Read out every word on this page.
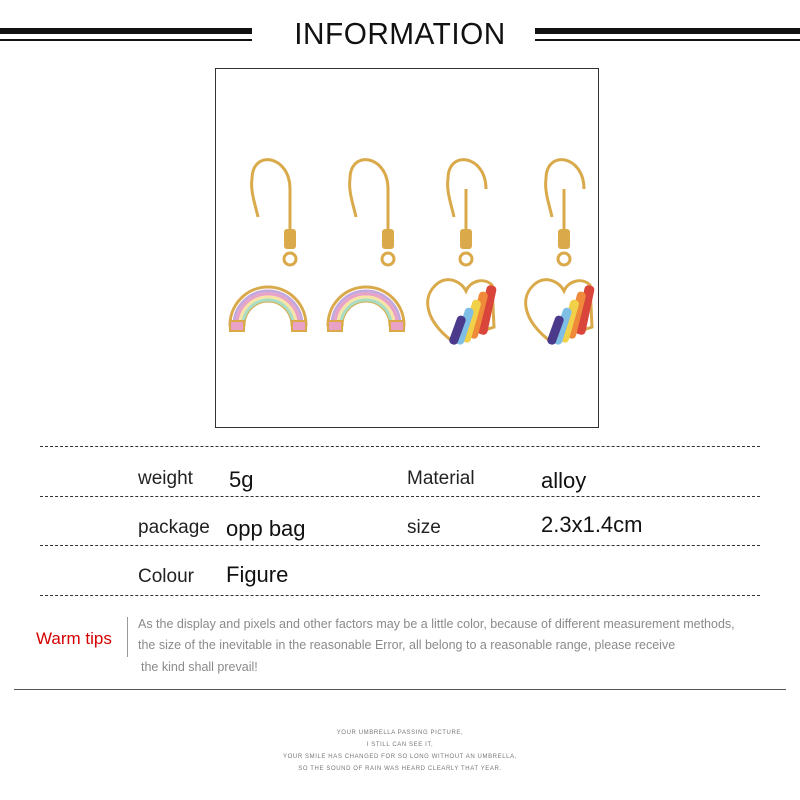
INFORMATION
weight 5g	Material	alloy
package opp bag	size	2.3x1.4cm
Colour Figure
Warm tips
As the display and pixels and other factors may be a little color, because of different measurement methods,
the size of the inevitable in the reasonable Error, all belong to a reasonable range, please receive
the kind shall prevail!
YOUR UMBRELLA PASSING PICTURE,
I STILL CAN SEE IT,
YOUR SMILE HAS CHANGED FOR SO LONG WITHOUT AN UMBRELLA,
SO THE SOUND OF RAIN WAS HEARD CLEARLY THAT YEAR.
